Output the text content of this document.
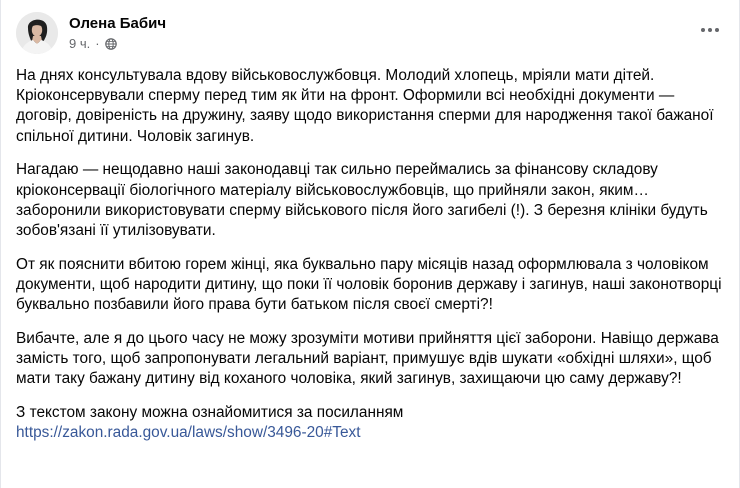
Олена Бабич
9 ч. ·

На днях консультувала вдову військовослужбовця. Молодий хлопець, мріяли мати дітей. Кріоконсервували сперму перед тим як йти на фронт. Оформили всі необхідні документи — договір, довіреність на дружину, заяву щодо використання сперми для народження такої бажаної спільної дитини. Чоловік загинув.

Нагадаю — нещодавно наші законодавці так сильно переймались за фінансову складову кріоконсервації біологічного матеріалу військовослужбовців, що прийняли закон, яким… заборонили використовувати сперму військового після його загибелі (!). З березня клініки будуть зобов'язані її утилізовувати.

От як пояснити вбитою горем жінці, яка буквально пару місяців назад оформлювала з чоловіком документи, щоб народити дитину, що поки її чоловік боронив державу і загинув, наші законотворці буквально позбавили його права бути батьком після своєї смерті?!

Вибачте, але я до цього часу не можу зрозуміти мотиви прийняття цієї заборони. Навіщо держава замість того, щоб запропонувати легальний варіант, примушує вдів шукати «обхідні шляхи», щоб мати таку бажану дитину від коханого чоловіка, який загинув, захищаючи цю саму державу?!

З текстом закону можна ознайомитися за посиланням
https://zakon.rada.gov.ua/laws/show/3496-20#Text
